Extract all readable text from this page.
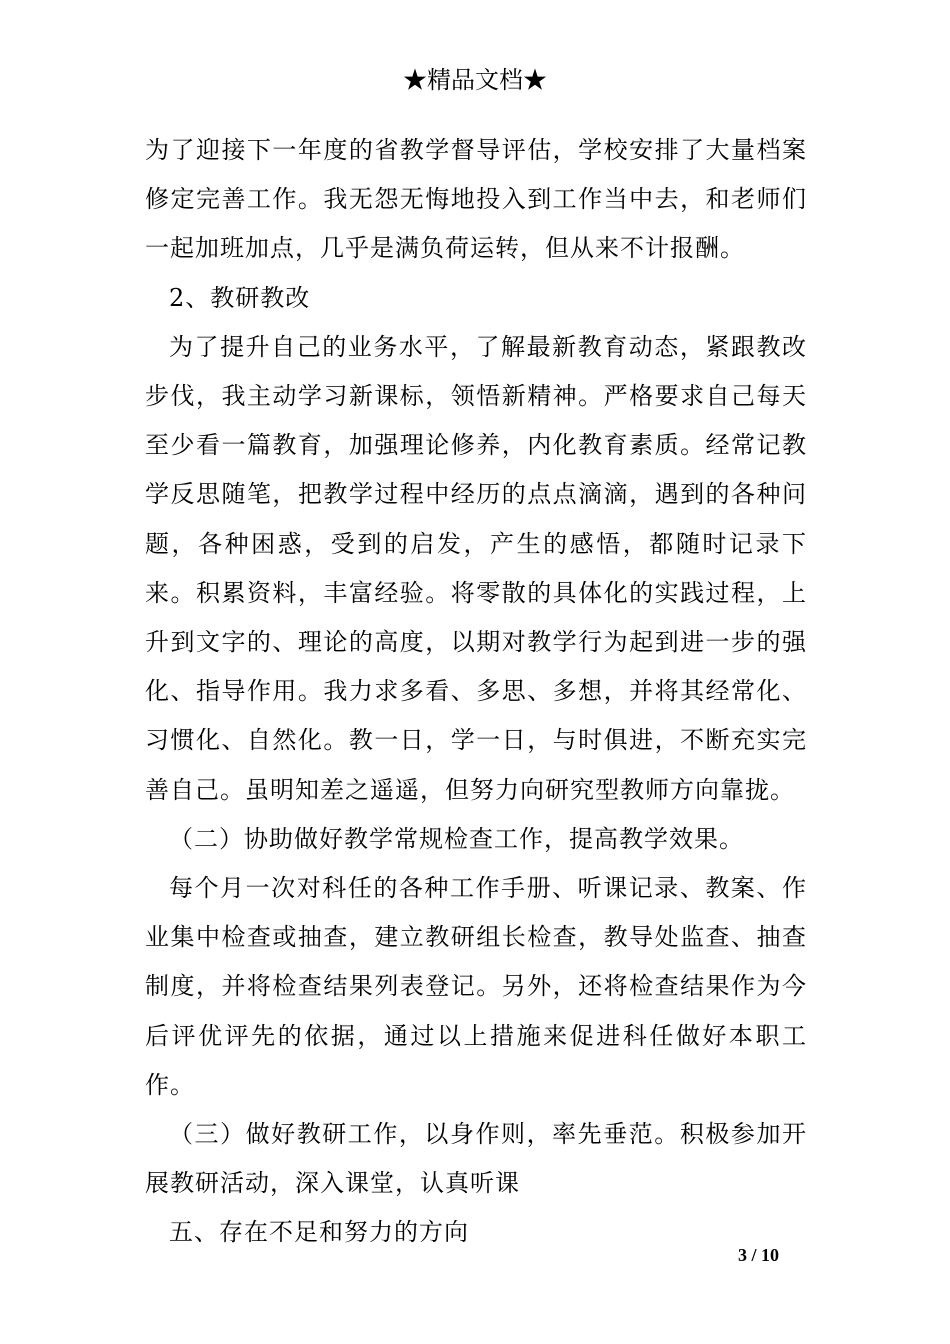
★精品文档★

为了迎接下一年度的省教学督导评估，学校安排了大量档案修定完善工作。我无怨无悔地投入到工作当中去，和老师们一起加班加点，几乎是满负荷运转，但从来不计报酬。

2、教研教改

为了提升自己的业务水平，了解最新教育动态，紧跟教改步伐，我主动学习新课标，领悟新精神。严格要求自己每天至少看一篇教育，加强理论修养，内化教育素质。经常记教学反思随笔，把教学过程中经历的点点滴滴，遇到的各种问题，各种困惑，受到的启发，产生的感悟，都随时记录下来。积累资料，丰富经验。将零散的具体化的实践过程，上升到文字的、理论的高度，以期对教学行为起到进一步的强化、指导作用。我力求多看、多思、多想，并将其经常化、习惯化、自然化。教一日，学一日，与时俱进，不断充实完善自己。虽明知差之遥遥，但努力向研究型教师方向靠拢。

（二）协助做好教学常规检查工作，提高教学效果。

每个月一次对科任的各种工作手册、听课记录、教案、作业集中检查或抽查，建立教研组长检查，教导处监查、抽查制度，并将检查结果列表登记。另外，还将检查结果作为今后评优评先的依据，通过以上措施来促进科任做好本职工作。

（三）做好教研工作，以身作则，率先垂范。积极参加开展教研活动，深入课堂，认真听课

五、存在不足和努力的方向

3 / 10
